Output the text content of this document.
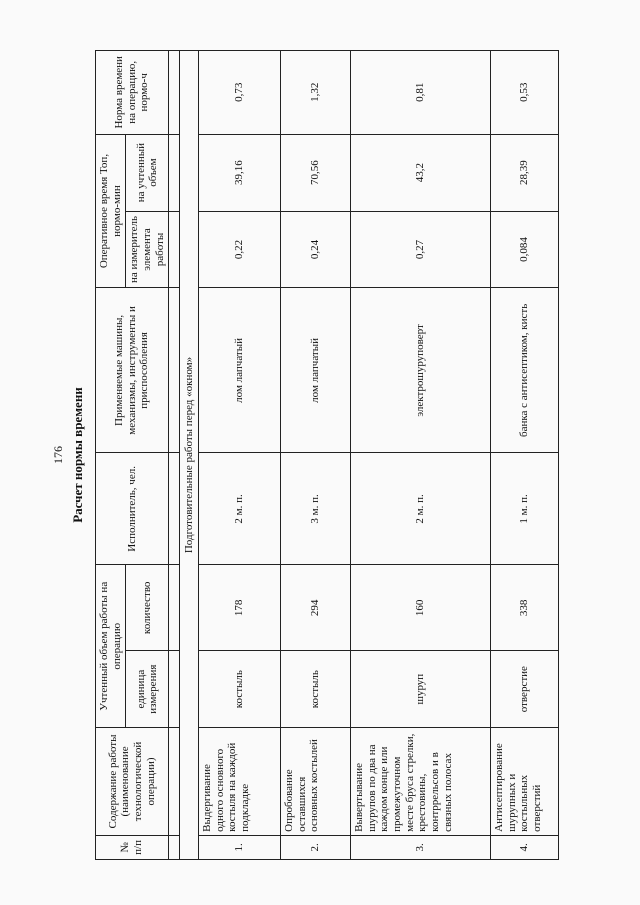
176 Расчет нормы времени
№ п/п	Содержание работы (наименование технологической операции)	Учтенный объем работы на операцию		Исполнитель, чел.	Применяемые машины, механизмы, инструменты и приспособления	Оперативное время Топ, нормо-мин		Норма времени на операцию, нормо-ч
		единица измерения	количество			на измеритель элемента работы	на учтенный объем	

Подготовительные работы перед «окном»								
1.	Выдергивание одного основного костыля на каждой подкладке	костыль	178	2 м. п.	лом лапчатый	0,22	39,16	0,73
2.	Опробование оставшихся основных костылей	костыль	294	3 м. п.	лом лапчатый	0,24	70,56	1,32
3.	Вывертывание шурупов по два на каждом конце или промежуточном месте бруса стрелки, крестовины, контррельсов и в связных полосах	шуруп	160	2 м. п.	электрошуруповерт	0,27	43,2	0,81
4.	Антисептирование шурупных и костыльных отверстий	отверстие	338	1 м. п.	банка с антисептиком, кисть	0,084	28,39	0,53
